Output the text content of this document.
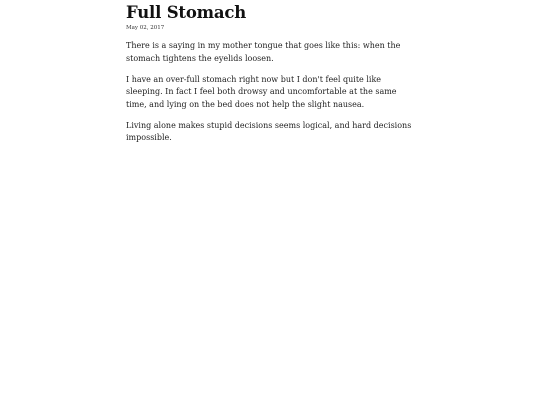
Full Stomach
May 02, 2017

There is a saying in my mother tongue that goes like this: when the stomach tightens the eyelids loosen.

I have an over-full stomach right now but I don't feel quite like sleeping. In fact I feel both drowsy and uncomfortable at the same time, and lying on the bed does not help the slight nausea.

Living alone makes stupid decisions seems logical, and hard decisions impossible.
